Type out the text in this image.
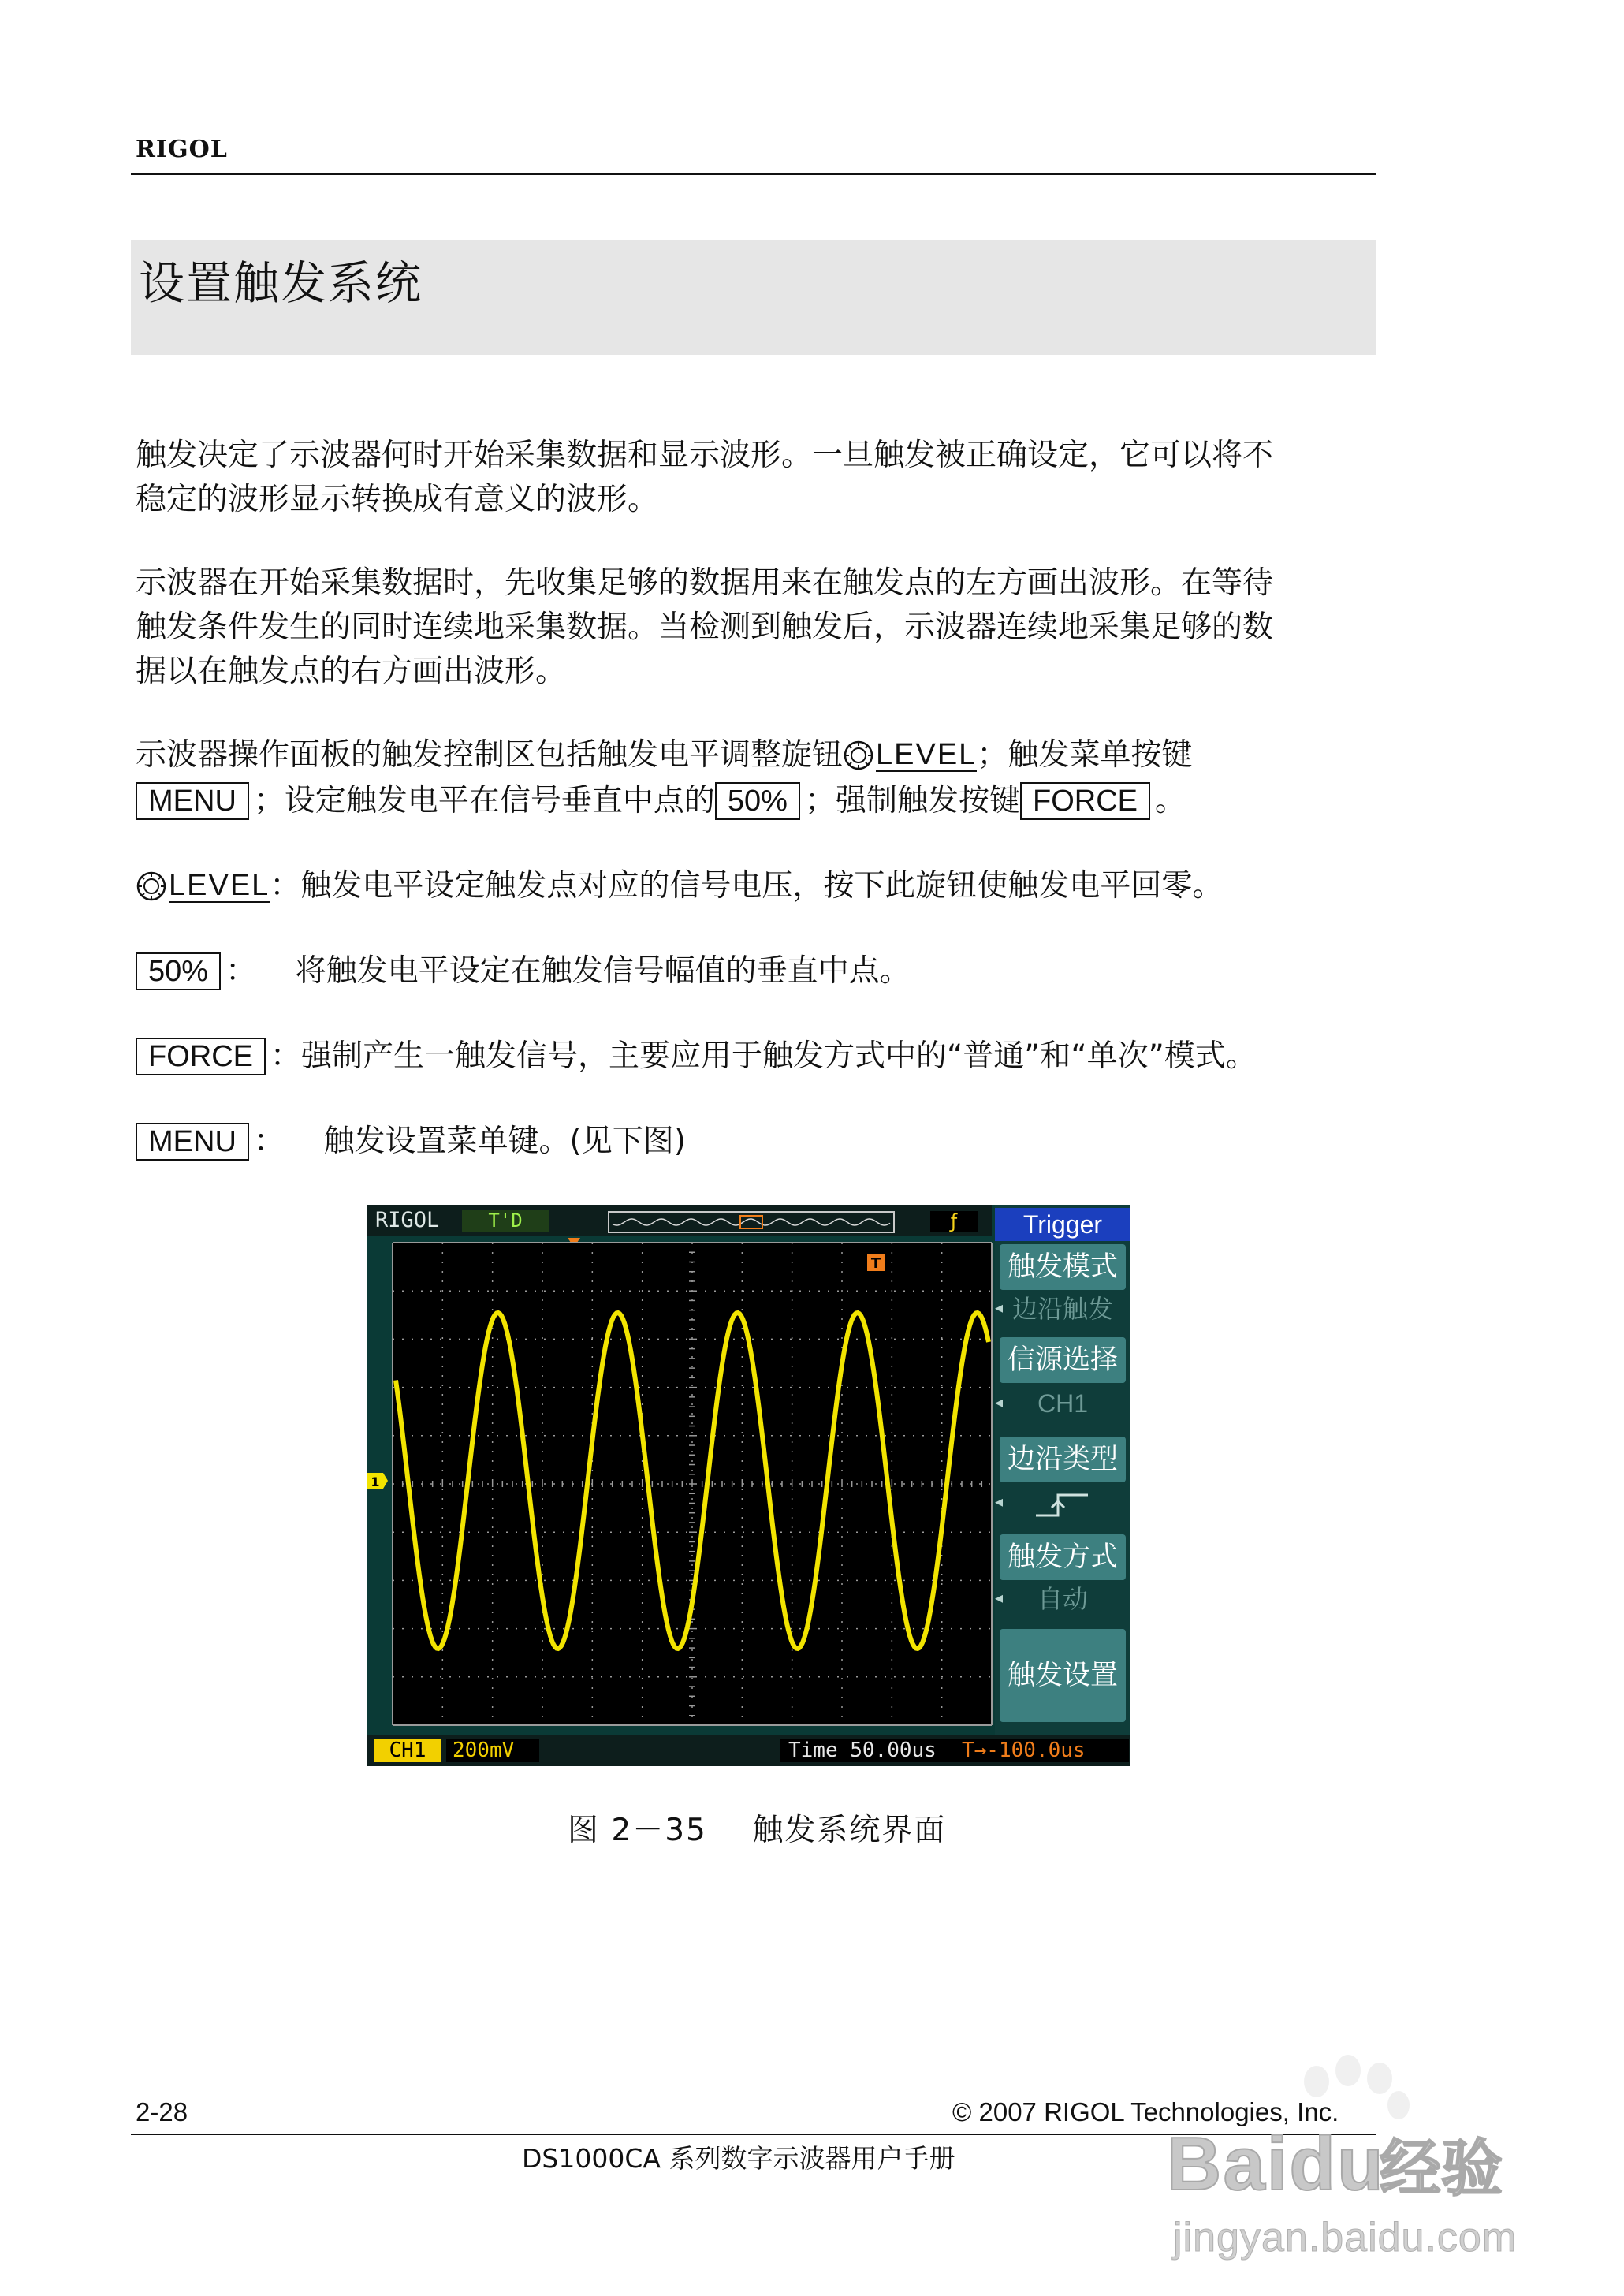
RIGOL
设置触发系统
触发决定了示波器何时开始采集数据和显示波形。一旦触发被正确设定，它可以将不
稳定的波形显示转换成有意义的波形。
示波器在开始采集数据时，先收集足够的数据用来在触发点的左方画出波形。在等待
触发条件发生的同时连续地采集数据。当检测到触发后，示波器连续地采集足够的数
据以在触发点的右方画出波形。
示波器操作面板的触发控制区包括触发电平调整旋钮 LEVEL ；触发菜单按键
MENU ；设定触发电平在信号垂直中点的 50% ；强制触发按键 FORCE 。
LEVEL ：触发电平设定触发点对应的信号电压，按下此旋钮使触发电平回零。
50% ：    将触发电平设定在触发信号幅值的垂直中点。
FORCE ：强制产生一触发信号，主要应用于触发方式中的“普通”和“单次”模式。
MENU ：    触发设置菜单键。(见下图)
RIGOL	T'D	ƒ
T
1
CH1	200mV	Time 50.00us	T→-100.0us
Trigger
触发模式
边沿触发
◂
信源选择
CH1
◂
边沿类型
◂
触发方式
自动
◂
触发设置
图 2－35    触发系统界面
2-28	© 2007 RIGOL Technologies, Inc.
DS1000CA 系列数字示波器用户手册	Baidu
经验
jingyan.baidu.com
